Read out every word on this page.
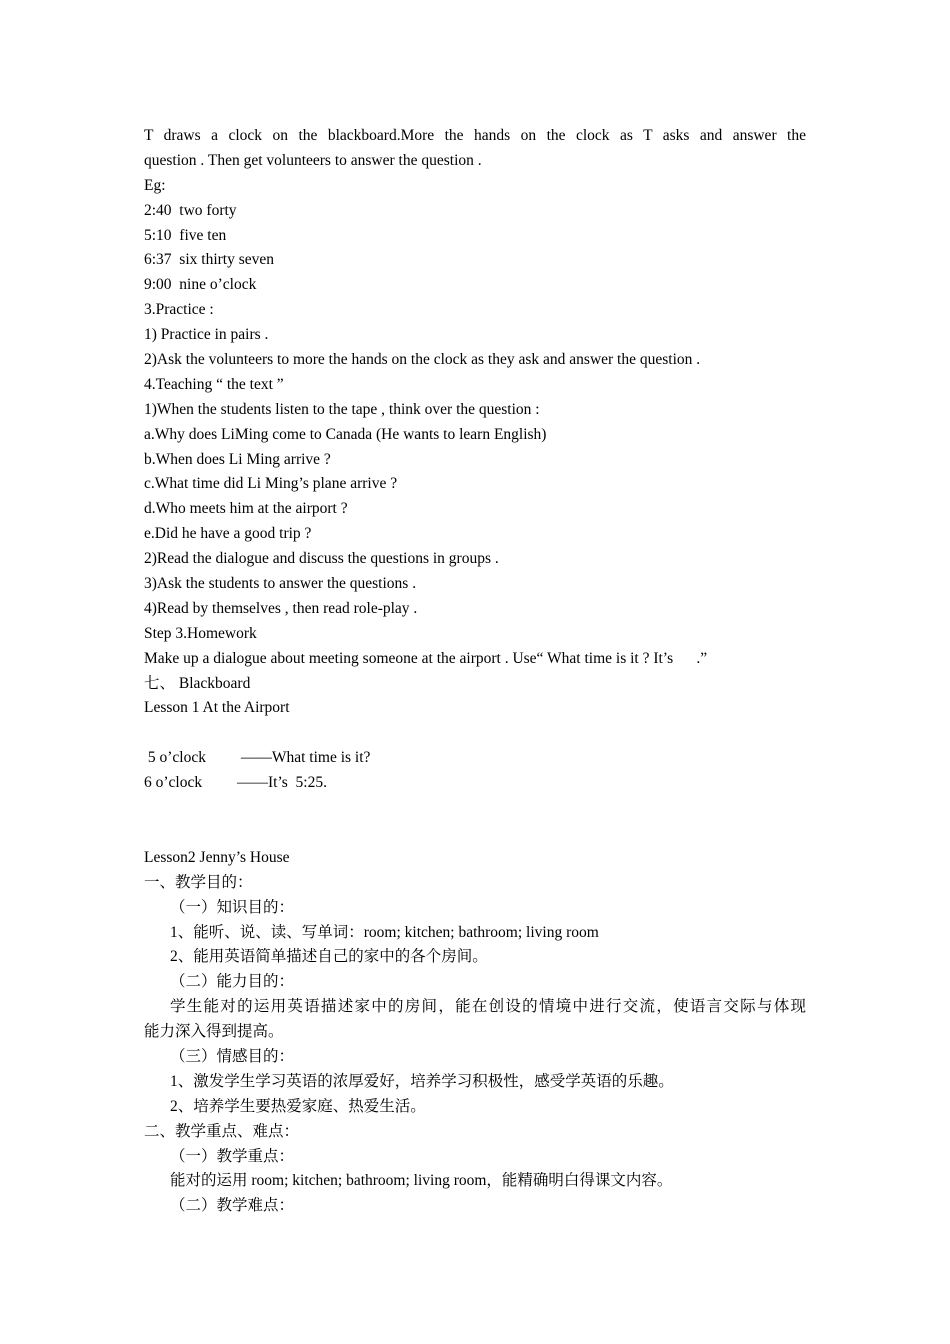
T draws a clock on the blackboard.More the hands on the clock as T asks and answer the
question . Then get volunteers to answer the question .
Eg:
2:40  two forty
5:10  five ten
6:37  six thirty seven
9:00  nine o’clock
3.Practice :
1) Practice in pairs .
2)Ask the volunteers to more the hands on the clock as they ask and answer the question .
4.Teaching “ the text ”
1)When the students listen to the tape , think over the question :
a.Why does LiMing come to Canada (He wants to learn English)
b.When does Li Ming arrive ?
c.What time did Li Ming’s plane arrive ?
d.Who meets him at the airport ?
e.Did he have a good trip ?
2)Read the dialogue and discuss the questions in groups .
3)Ask the students to answer the questions .
4)Read by themselves , then read role-play .
Step 3.Homework
Make up a dialogue about meeting someone at the airport . Use“ What time is it ? It’s      .”
七、 Blackboard
Lesson 1 At the Airport
5 o’clock         ——What time is it?
6 o’clock         ——It’s  5:25.
Lesson2 Jenny’s House
一、教学目的：
（一）知识目的：
1、能听、说、读、写单词：room; kitchen; bathroom; living room
2、能用英语简单描述自己的家中的各个房间。
（二）能力目的：
学生能对的运用英语描述家中的房间，能在创设的情境中进行交流，使语言交际与体现
能力深入得到提高。
（三）情感目的：
1、激发学生学习英语的浓厚爱好，培养学习积极性，感受学英语的乐趣。
2、培养学生要热爱家庭、热爱生活。
二、教学重点、难点：
（一）教学重点：
能对的运用 room; kitchen; bathroom; living room，能精确明白得课文内容。
（二）教学难点：
